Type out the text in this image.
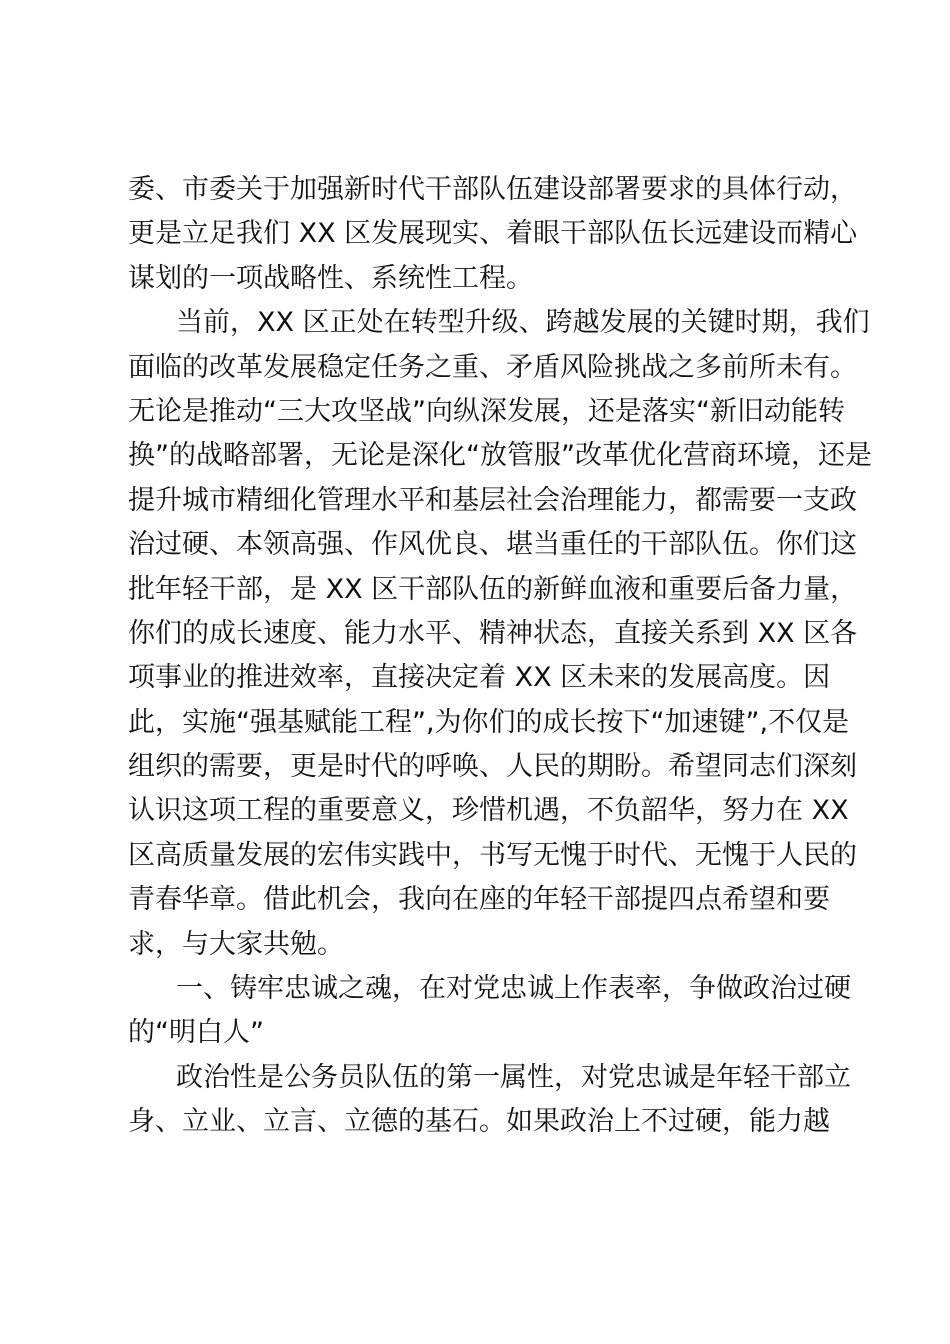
委、市委关于加强新时代干部队伍建设部署要求的具体行动，
更是立足我们 XX 区发展现实、着眼干部队伍长远建设而精心
谋划的一项战略性、系统性工程。
当前，XX 区正处在转型升级、跨越发展的关键时期，我们
面临的改革发展稳定任务之重、矛盾风险挑战之多前所未有。
无论是推动“三大攻坚战”向纵深发展，还是落实“新旧动能转
换”的战略部署，无论是深化“放管服”改革优化营商环境，还是
提升城市精细化管理水平和基层社会治理能力，都需要一支政
治过硬、本领高强、作风优良、堪当重任的干部队伍。你们这
批年轻干部，是 XX 区干部队伍的新鲜血液和重要后备力量，
你们的成长速度、能力水平、精神状态，直接关系到 XX 区各
项事业的推进效率，直接决定着 XX 区未来的发展高度。因
此，实施“强基赋能工程”,为你们的成长按下“加速键”,不仅是
组织的需要，更是时代的呼唤、人民的期盼。希望同志们深刻
认识这项工程的重要意义，珍惜机遇，不负韶华，努力在 XX
区高质量发展的宏伟实践中，书写无愧于时代、无愧于人民的
青春华章。借此机会，我向在座的年轻干部提四点希望和要
求，与大家共勉。
一、铸牢忠诚之魂，在对党忠诚上作表率，争做政治过硬
的“明白人”
政治性是公务员队伍的第一属性，对党忠诚是年轻干部立
身、立业、立言、立德的基石。如果政治上不过硬，能力越
